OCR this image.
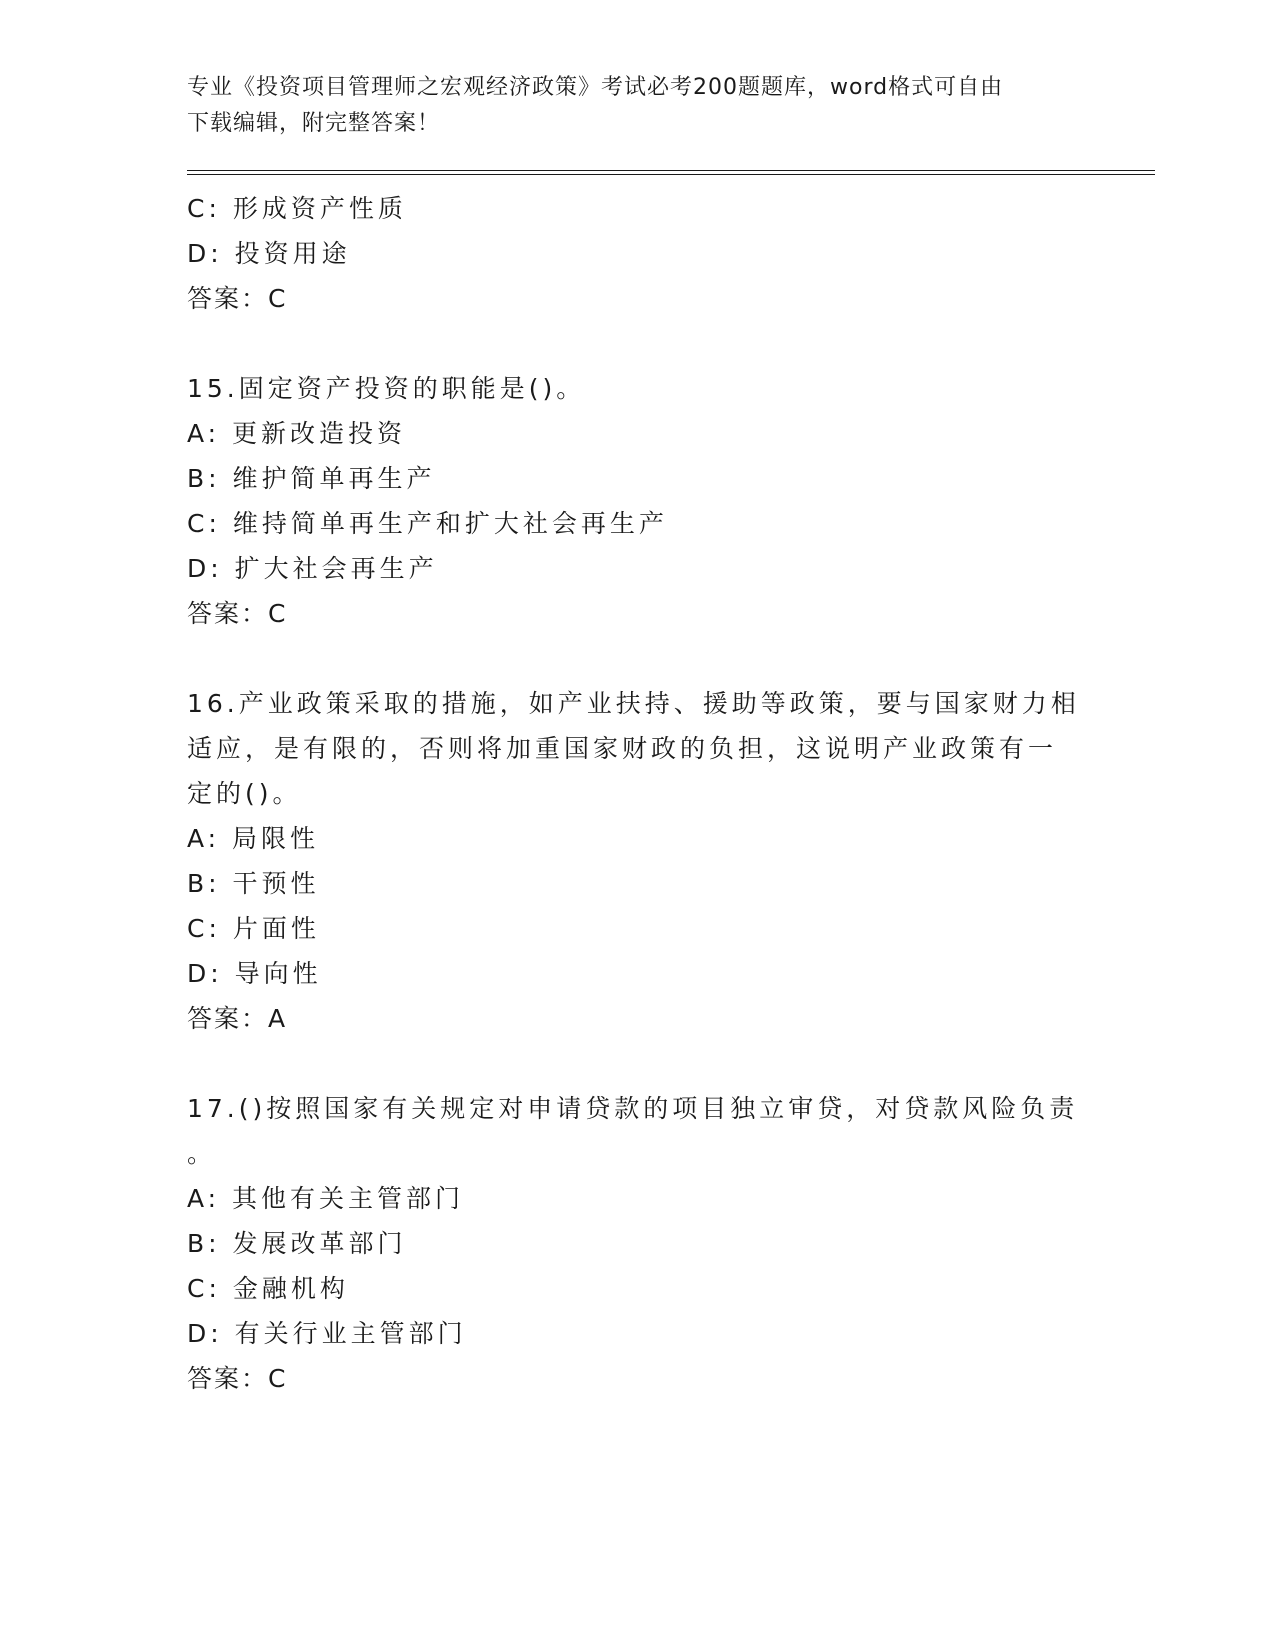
专业《投资项目管理师之宏观经济政策》考试必考200题题库，word格式可自由
下载编辑，附完整答案！
C: 形成资产性质
D: 投资用途
答案：C
15.固定资产投资的职能是()。
A: 更新改造投资
B: 维护简单再生产
C: 维持简单再生产和扩大社会再生产
D: 扩大社会再生产
答案：C
16.产业政策采取的措施，如产业扶持、援助等政策，要与国家财力相
适应，是有限的，否则将加重国家财政的负担，这说明产业政策有一
定的()。
A: 局限性
B: 干预性
C: 片面性
D: 导向性
答案：A
17.()按照国家有关规定对申请贷款的项目独立审贷，对贷款风险负责
。
A: 其他有关主管部门
B: 发展改革部门
C: 金融机构
D: 有关行业主管部门
答案：C
